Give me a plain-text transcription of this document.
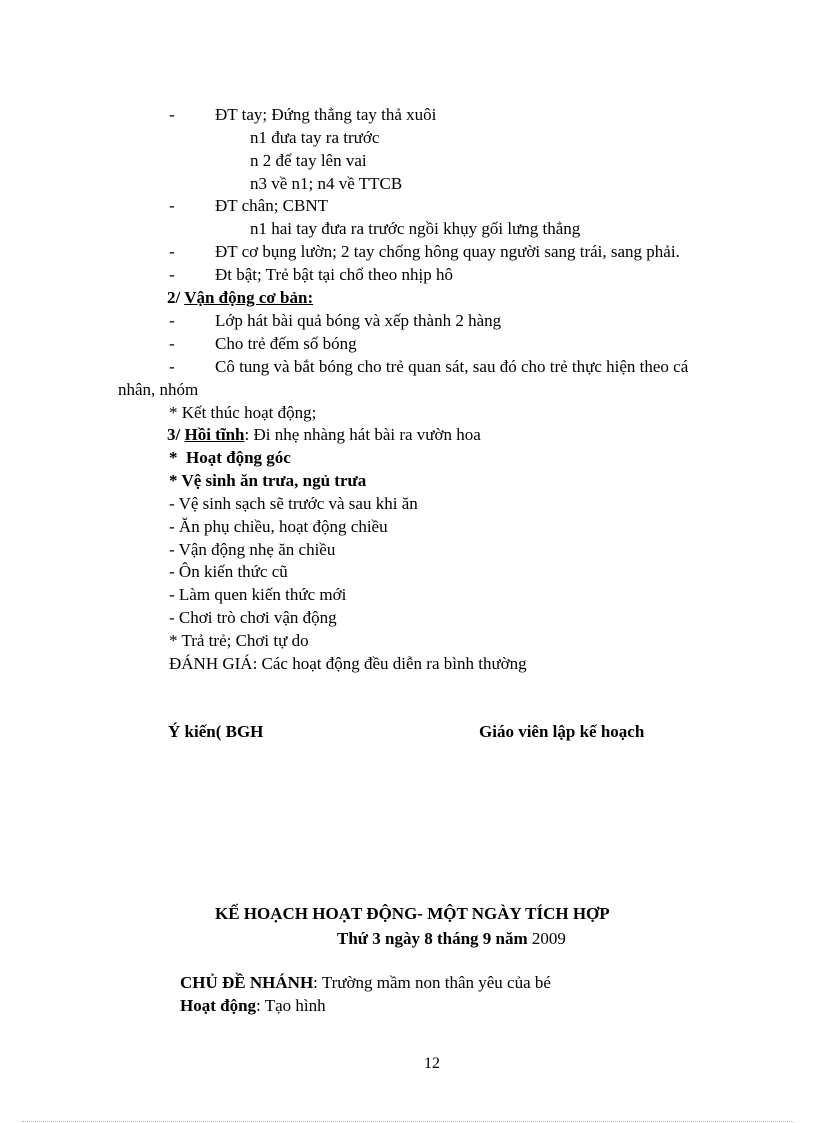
- ĐT tay; Đứng thẳng tay thả xuôi
n1 đưa tay ra trước
n 2 để tay lên vai
n3 về n1; n4 về TTCB
- ĐT chân; CBNT
n1 hai tay đưa ra trước ngồi khụy gối lưng thẳng
- ĐT cơ bụng lườn; 2 tay chống hông quay người sang trái, sang phải.
- Đt bật; Trẻ bật tại chổ theo nhịp hô
2/ Vận động cơ bản:
- Lớp hát bài quả bóng và xếp thành 2 hàng
- Cho trẻ đếm số bóng
- Cô tung và bắt bóng cho trẻ quan sát, sau đó cho trẻ thực hiện theo cá
nhân, nhóm
* Kết thúc hoạt động;
3/ Hồi tĩnh: Đi nhẹ nhàng hát bài ra vườn hoa
* Hoạt động góc
* Vệ sinh ăn trưa, ngủ trưa
- Vệ sinh sạch sẽ trước và sau khi ăn
- Ăn phụ chiều, hoạt động chiều
- Vận động nhẹ ăn chiều
- Ôn kiến thức cũ
- Làm quen kiến thức mới
- Chơi trò chơi vận động
* Trả trẻ; Chơi tự do
ĐÁNH GIÁ: Các hoạt động đều diễn ra bình thường
Ý kiến( BGH	Giáo viên lập kế hoạch
KẾ HOẠCH HOẠT ĐỘNG- MỘT NGÀY TÍCH HỢP
Thứ 3 ngày 8 tháng 9 năm 2009
CHỦ ĐỀ NHÁNH: Trường mầm non thân yêu của bé
Hoạt động: Tạo hình
12
